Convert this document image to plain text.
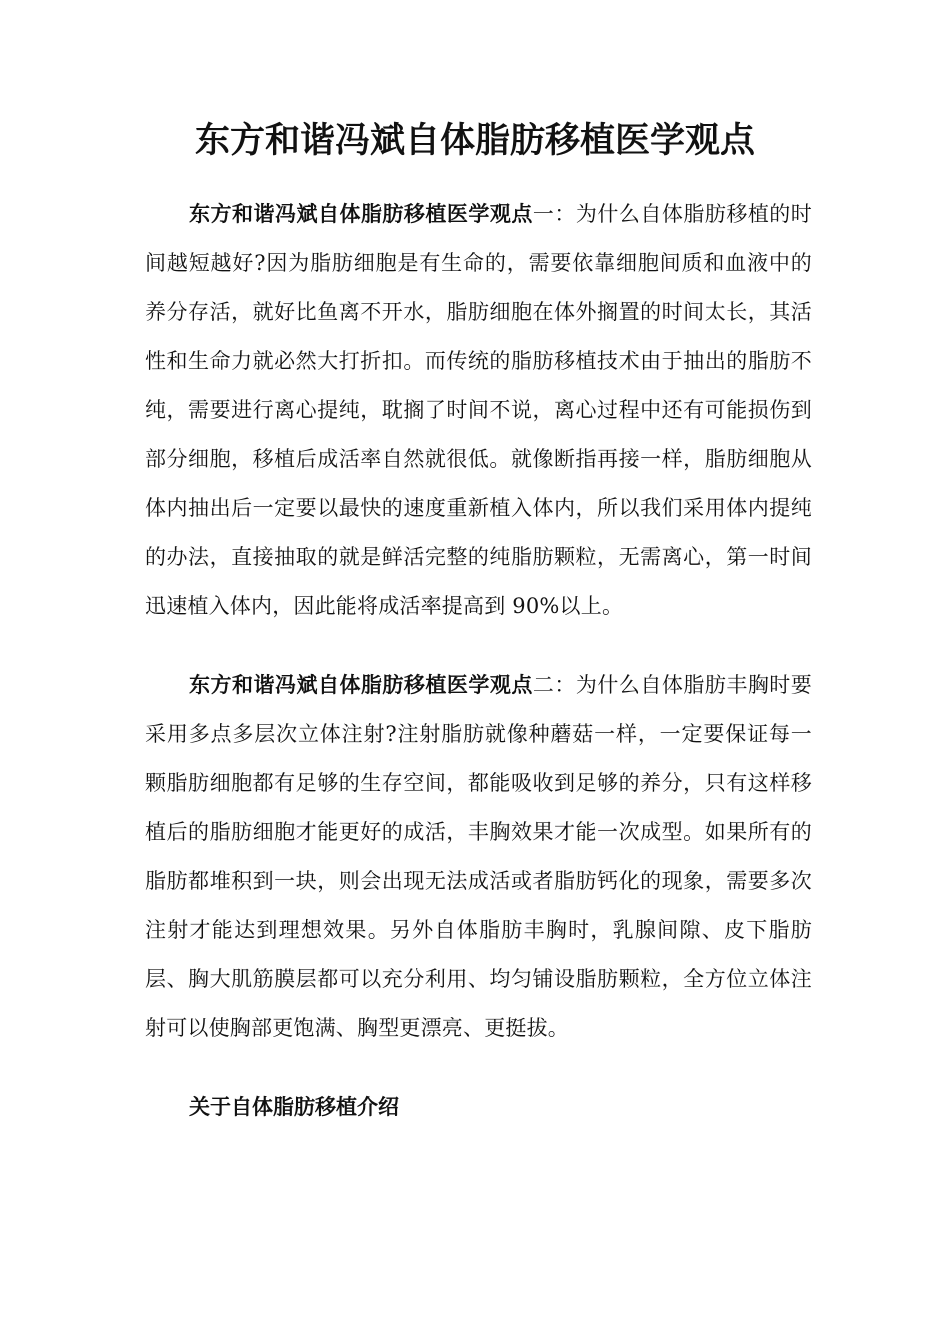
东方和谐冯斌自体脂肪移植医学观点

东方和谐冯斌自体脂肪移植医学观点一：为什么自体脂肪移植的时间越短越好?因为脂肪细胞是有生命的，需要依靠细胞间质和血液中的养分存活，就好比鱼离不开水，脂肪细胞在体外搁置的时间太长，其活性和生命力就必然大打折扣。而传统的脂肪移植技术由于抽出的脂肪不纯，需要进行离心提纯，耽搁了时间不说，离心过程中还有可能损伤到部分细胞，移植后成活率自然就很低。就像断指再接一样，脂肪细胞从体内抽出后一定要以最快的速度重新植入体内，所以我们采用体内提纯的办法，直接抽取的就是鲜活完整的纯脂肪颗粒，无需离心，第一时间迅速植入体内，因此能将成活率提高到 90%以上。

东方和谐冯斌自体脂肪移植医学观点二：为什么自体脂肪丰胸时要采用多点多层次立体注射?注射脂肪就像种蘑菇一样，一定要保证每一颗脂肪细胞都有足够的生存空间，都能吸收到足够的养分，只有这样移植后的脂肪细胞才能更好的成活，丰胸效果才能一次成型。如果所有的脂肪都堆积到一块，则会出现无法成活或者脂肪钙化的现象，需要多次注射才能达到理想效果。另外自体脂肪丰胸时，乳腺间隙、皮下脂肪层、胸大肌筋膜层都可以充分利用、均匀铺设脂肪颗粒，全方位立体注射可以使胸部更饱满、胸型更漂亮、更挺拔。

关于自体脂肪移植介绍
